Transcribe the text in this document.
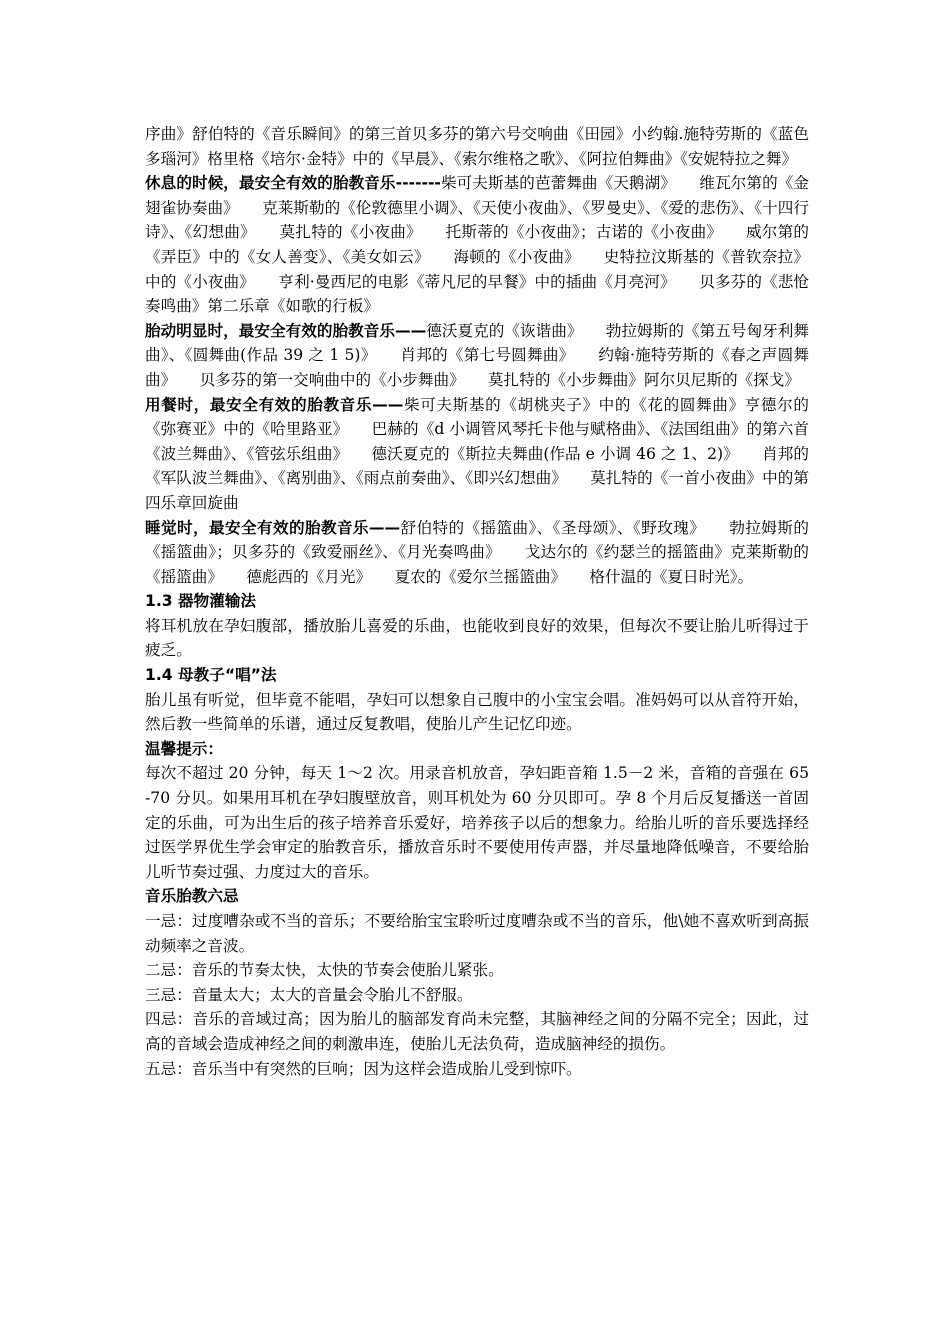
序曲》舒伯特的《音乐瞬间》的第三首贝多芬的第六号交响曲《田园》小约翰.施特劳斯的《蓝色多瑙河》格里格《培尔·金特》中的《早晨》、《索尔维格之歌》、《阿拉伯舞曲》《安妮特拉之舞》

休息的时候，最安全有效的胎教音乐-------柴可夫斯基的芭蕾舞曲《天鹅湖》　　维瓦尔第的《金翅雀协奏曲》　　克莱斯勒的《伦敦德里小调》、《天使小夜曲》、《罗曼史》、《爱的悲伤》、《十四行诗》、《幻想曲》　　莫扎特的《小夜曲》　　托斯蒂的《小夜曲》；古诺的《小夜曲》　　威尔第的《弄臣》中的《女人善变》、《美女如云》　　海顿的《小夜曲》　　史特拉汶斯基的《普钦奈拉》中的《小夜曲》　　亨利·曼西尼的电影《蒂凡尼的早餐》中的插曲《月亮河》　　贝多芬的《悲怆奏鸣曲》第二乐章《如歌的行板》

胎动明显时，最安全有效的胎教音乐——德沃夏克的《诙谐曲》　　勃拉姆斯的《第五号匈牙利舞曲》、《圆舞曲(作品 39 之 1 5)》　　肖邦的《第七号圆舞曲》　　约翰·施特劳斯的《春之声圆舞曲》　　贝多芬的第一交响曲中的《小步舞曲》　　莫扎特的《小步舞曲》阿尔贝尼斯的《探戈》

用餐时，最安全有效的胎教音乐——柴可夫斯基的《胡桃夹子》中的《花的圆舞曲》亨德尔的《弥赛亚》中的《哈里路亚》　　巴赫的《d 小调管风琴托卡他与赋格曲》、《法国组曲》的第六首《波兰舞曲》、《管弦乐组曲》　　德沃夏克的《斯拉夫舞曲(作品 e 小调 46 之 1、2)》　　肖邦的《军队波兰舞曲》、《离别曲》、《雨点前奏曲》、《即兴幻想曲》　　莫扎特的《一首小夜曲》中的第四乐章回旋曲

睡觉时，最安全有效的胎教音乐——舒伯特的《摇篮曲》、《圣母颂》、《野玫瑰》　　勃拉姆斯的《摇篮曲》；贝多芬的《致爱丽丝》、《月光奏鸣曲》　　戈达尔的《约瑟兰的摇篮曲》克莱斯勒的《摇篮曲》　　德彪西的《月光》　　夏农的《爱尔兰摇篮曲》　　格什温的《夏日时光》。

1.3 器物灌输法

将耳机放在孕妇腹部，播放胎儿喜爱的乐曲，也能收到良好的效果，但每次不要让胎儿听得过于疲乏。

1.4 母教子“唱”法

胎儿虽有听觉，但毕竟不能唱，孕妇可以想象自己腹中的小宝宝会唱。准妈妈可以从音符开始，然后教一些简单的乐谱，通过反复教唱，使胎儿产生记忆印迹。

温馨提示：

每次不超过 20 分钟，每天 1～2 次。用录音机放音，孕妇距音箱 1.5－2 米，音箱的音强在 65-70 分贝。如果用耳机在孕妇腹壁放音，则耳机处为 60 分贝即可。孕 8 个月后反复播送一首固定的乐曲，可为出生后的孩子培养音乐爱好，培养孩子以后的想象力。给胎儿听的音乐要选择经过医学界优生学会审定的胎教音乐，播放音乐时不要使用传声器，并尽量地降低噪音，不要给胎儿听节奏过强、力度过大的音乐。

音乐胎教六忌

一忌：过度嘈杂或不当的音乐；不要给胎宝宝聆听过度嘈杂或不当的音乐，他\她不喜欢听到高振动频率之音波。

二忌：音乐的节奏太快，太快的节奏会使胎儿紧张。

三忌：音量太大；太大的音量会令胎儿不舒服。

四忌：音乐的音域过高；因为胎儿的脑部发育尚未完整，其脑神经之间的分隔不完全；因此，过高的音域会造成神经之间的刺激串连，使胎儿无法负荷，造成脑神经的损伤。

五忌：音乐当中有突然的巨响；因为这样会造成胎儿受到惊吓。
